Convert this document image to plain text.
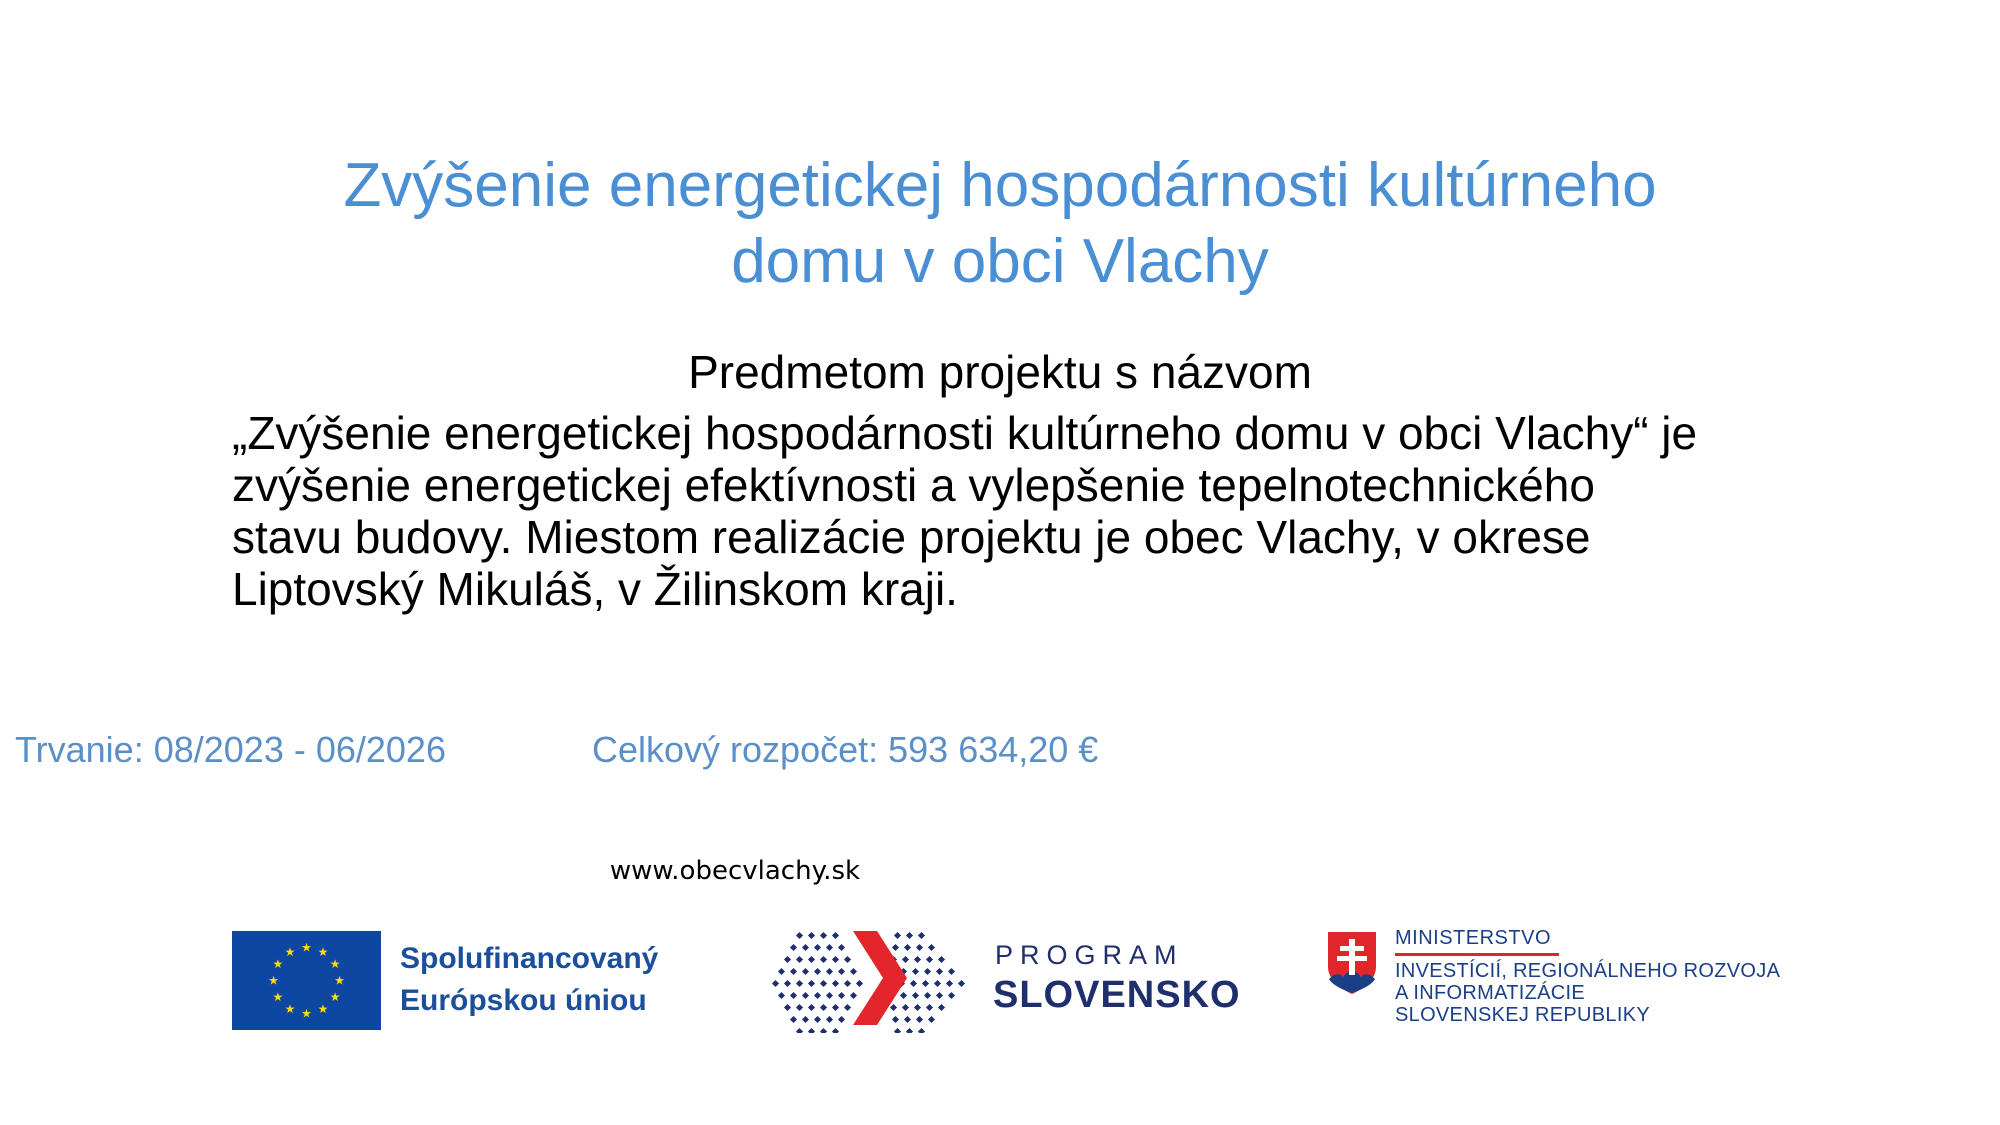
Zvýšenie energetickej hospodárnosti kultúrneho
domu v obci Vlachy

Predmetom projektu s názvom

„Zvýšenie energetickej hospodárnosti kultúrneho domu v obci Vlachy“ je
zvýšenie energetickej efektívnosti a vylepšenie tepelnotechnického
stavu budovy. Miestom realizácie projektu je obec Vlachy, v okrese
Liptovský Mikuláš, v Žilinskom kraji.

Trvanie: 08/2023 - 06/2026	Celkový rozpočet: 593 634,20 €
www.obecvlachy.sk
★ ★
★
★
★
★
★
★
★
★
★
★	Spolufinancovaný
Európskou úniou
PROGRAM
SLOVENSKO
MINISTERSTVO
INVESTÍCIÍ, REGIONÁLNEHO ROZVOJA
A INFORMATIZÁCIE
SLOVENSKEJ REPUBLIKY
